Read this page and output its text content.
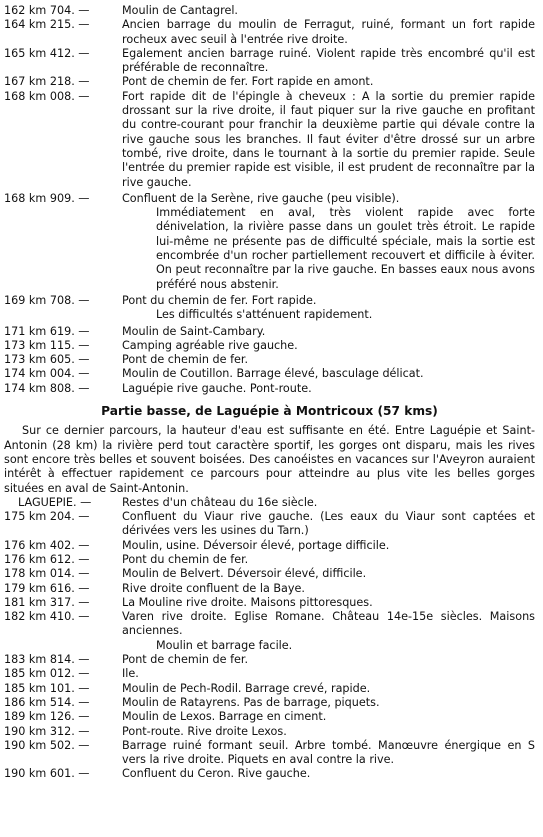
162 km 704. —	Moulin de Cantagrel.
164 km 215. —	Ancien barrage du moulin de Ferragut, ruiné, formant un fort rapide rocheux avec seuil à l'entrée rive droite.
165 km 412. —	Egalement ancien barrage ruiné. Violent rapide très encombré qu'il est préférable de reconnaître.
167 km 218. —	Pont de chemin de fer. Fort rapide en amont.
168 km 008. —	Fort rapide dit de l'épingle à cheveux : A la sortie du premier rapide drossant sur la rive droite, il faut piquer sur la rive gauche en profitant du contre-courant pour franchir la deuxième partie qui dévale contre la rive gauche sous les branches. Il faut éviter d'être drossé sur un arbre tombé, rive droite, dans le tournant à la sortie du premier rapide. Seule l'entrée du premier rapide est visible, il est prudent de reconnaître par la rive gauche.
168 km 909. —	Confluent de la Serène, rive gauche (peu visible).
Immédiatement en aval, très violent rapide avec forte dénivelation, la rivière passe dans un goulet très étroit. Le rapide lui-même ne présente pas de difficulté spéciale, mais la sortie est encombrée d'un rocher partiellement recouvert et difficile à éviter. On peut reconnaître par la rive gauche. En basses eaux nous avons préféré nous abstenir.
169 km 708. —	Pont du chemin de fer. Fort rapide.
Les difficultés s'atténuent rapidement.
171 km 619. —	Moulin de Saint-Cambary.
173 km 115. —	Camping agréable rive gauche.
173 km 605. —	Pont de chemin de fer.
174 km 004. —	Moulin de Coutillon. Barrage élevé, basculage délicat.
174 km 808. —	Laguépie rive gauche. Pont-route.
Partie basse, de Laguépie à Montricoux (57 kms)
Sur ce dernier parcours, la hauteur d'eau est suffisante en été. Entre Laguépie et Saint-Antonin (28 km) la rivière perd tout caractère sportif, les gorges ont disparu, mais les rives sont encore très belles et souvent boisées. Des canoéistes en vacances sur l'Aveyron auraient intérêt à effectuer rapidement ce parcours pour atteindre au plus vite les belles gorges situées en aval de Saint-Antonin.
LAGUEPIE. —	Restes d'un château du 16e siècle.
175 km 204. —	Confluent du Viaur rive gauche. (Les eaux du Viaur sont captées et dérivées vers les usines du Tarn.)
176 km 402. —	Moulin, usine. Déversoir élevé, portage difficile.
176 km 612. —	Pont du chemin de fer.
178 km 014. —	Moulin de Belvert. Déversoir élevé, difficile.
179 km 616. —	Rive droite confluent de la Baye.
181 km 317. —	La Mouline rive droite. Maisons pittoresques.
182 km 410. —	Varen rive droite. Eglise Romane. Château 14e-15e siècles. Maisons anciennes.
Moulin et barrage facile.
183 km 814. —	Pont de chemin de fer.
185 km 012. —	Ile.
185 km 101. —	Moulin de Pech-Rodil. Barrage crevé, rapide.
186 km 514. —	Moulin de Ratayrens. Pas de barrage, piquets.
189 km 126. —	Moulin de Lexos. Barrage en ciment.
190 km 312. —	Pont-route. Rive droite Lexos.
190 km 502. —	Barrage ruiné formant seuil. Arbre tombé. Manœuvre énergique en S vers la rive droite. Piquets en aval contre la rive.
190 km 601. —	Confluent du Ceron. Rive gauche.
